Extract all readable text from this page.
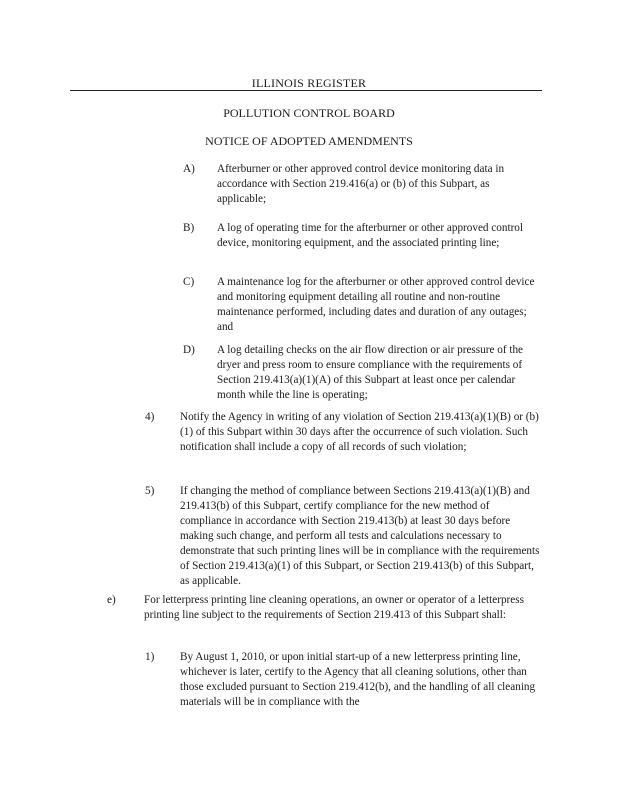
ILLINOIS REGISTER
POLLUTION CONTROL BOARD
NOTICE OF ADOPTED AMENDMENTS
A) Afterburner or other approved control device monitoring data in accordance with Section 219.416(a) or (b) of this Subpart, as applicable;
B) A log of operating time for the afterburner or other approved control device, monitoring equipment, and the associated printing line;
C) A maintenance log for the afterburner or other approved control device and monitoring equipment detailing all routine and non-routine maintenance performed, including dates and duration of any outages; and
D) A log detailing checks on the air flow direction or air pressure of the dryer and press room to ensure compliance with the requirements of Section 219.413(a)(1)(A) of this Subpart at least once per calendar month while the line is operating;
4) Notify the Agency in writing of any violation of Section 219.413(a)(1)(B) or (b)(1) of this Subpart within 30 days after the occurrence of such violation. Such notification shall include a copy of all records of such violation;
5) If changing the method of compliance between Sections 219.413(a)(1)(B) and 219.413(b) of this Subpart, certify compliance for the new method of compliance in accordance with Section 219.413(b) at least 30 days before making such change, and perform all tests and calculations necessary to demonstrate that such printing lines will be in compliance with the requirements of Section 219.413(a)(1) of this Subpart, or Section 219.413(b) of this Subpart, as applicable.
e)	For letterpress printing line cleaning operations, an owner or operator of a letterpress printing line subject to the requirements of Section 219.413 of this Subpart shall:
1) By August 1, 2010, or upon initial start-up of a new letterpress printing line, whichever is later, certify to the Agency that all cleaning solutions, other than those excluded pursuant to Section 219.412(b), and the handling of all cleaning materials will be in compliance with the
